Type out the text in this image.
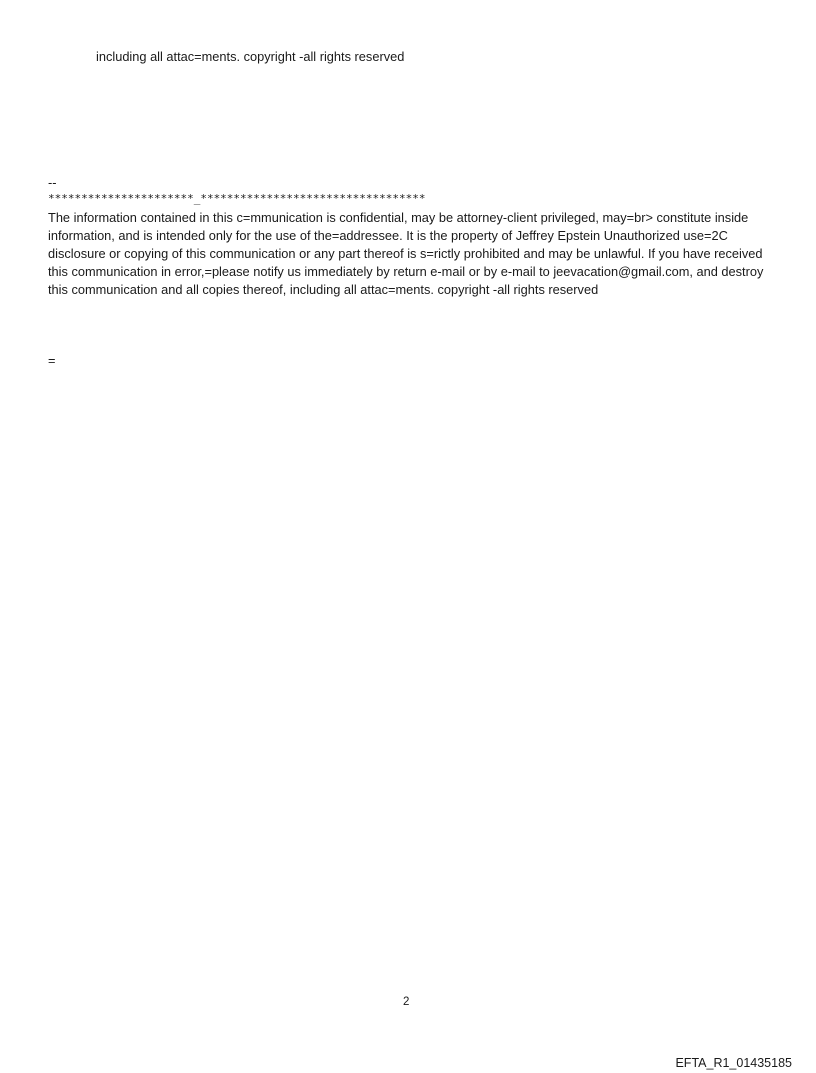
including all attac=ments. copyright -all rights reserved
--
**********************_**********************************
The information contained in this c=mmunication is confidential, may be attorney-client privileged, may=br> constitute inside information, and is intended only for the use of the=addressee. It is the property of Jeffrey Epstein Unauthorized use=2C disclosure or copying of this communication or any part thereof is s=rictly prohibited and may be unlawful. If you have received this communication in error,=please notify us immediately by return e-mail or by e-mail to jeevacation@gmail.com, and destroy this communication and all copies thereof, including all attac=ments. copyright -all rights reserved
=
2
EFTA_R1_01435185
